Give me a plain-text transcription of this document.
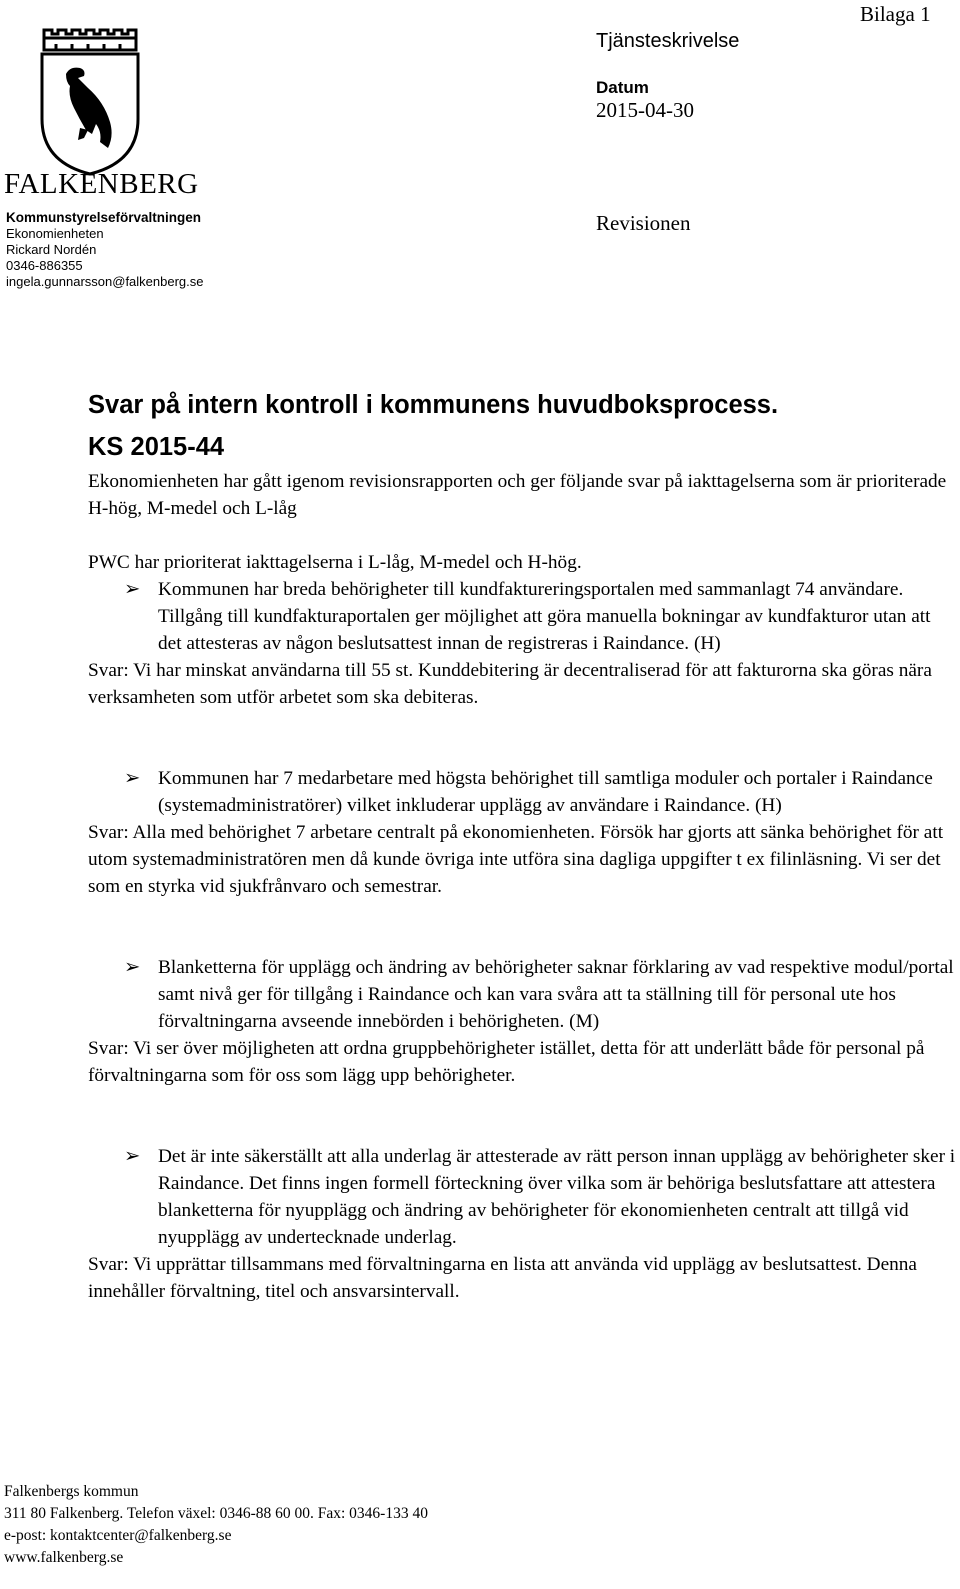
Bilaga 1
Tjänsteskrivelse
Datum
2015-04-30
Revisionen
FALKENBERG
Kommunstyrelseförvaltningen
Ekonomienheten
Rickard Nordén
0346-886355
ingela.gunnarsson@falkenberg.se
Svar på intern kontroll i kommunens huvudboksprocess.
KS 2015-44
Ekonomienheten har gått igenom revisionsrapporten och ger följande svar på iakttagelserna som är prioriterade H-hög, M-medel och L-låg
PWC har prioriterat iakttagelserna i L-låg, M-medel och H-hög.
➢ Kommunen har breda behörigheter till kundfaktureringsportalen med sammanlagt 74 användare. Tillgång till kundfakturaportalen ger möjlighet att göra manuella bokningar av kundfakturor utan att det attesteras av någon beslutsattest innan de registreras i Raindance. (H)
Svar: Vi har minskat användarna till 55 st. Kunddebitering är decentraliserad för att fakturorna ska göras nära verksamheten som utför arbetet som ska debiteras.
➢ Kommunen har 7 medarbetare med högsta behörighet till samtliga moduler och portaler i Raindance (systemadministratörer) vilket inkluderar upplägg av användare i Raindance. (H)
Svar: Alla med behörighet 7 arbetare centralt på ekonomienheten. Försök har gjorts att sänka behörighet för att utom systemadministratören men då kunde övriga inte utföra sina dagliga uppgifter t ex filinläsning. Vi ser det som en styrka vid sjukfrånvaro och semestrar.
➢ Blanketterna för upplägg och ändring av behörigheter saknar förklaring av vad respektive modul/portal samt nivå ger för tillgång i Raindance och kan vara svåra att ta ställning till för personal ute hos förvaltningarna avseende innebörden i behörigheten. (M)
Svar: Vi ser över möjligheten att ordna gruppbehörigheter istället, detta för att underlätt både för personal på förvaltningarna som för oss som lägg upp behörigheter.
➢ Det är inte säkerställt att alla underlag är attesterade av rätt person innan upplägg av behörigheter sker i Raindance. Det finns ingen formell förteckning över vilka som är behöriga beslutsfattare att attestera blanketterna för nyupplägg och ändring av behörigheter för ekonomienheten centralt att tillgå vid nyupplägg av undertecknade underlag.
Svar: Vi upprättar tillsammans med förvaltningarna en lista att använda vid upplägg av beslutsattest. Denna innehåller förvaltning, titel och ansvarsintervall.
Falkenbergs kommun
311 80 Falkenberg. Telefon växel: 0346-88 60 00. Fax: 0346-133 40
e-post: kontaktcenter@falkenberg.se
www.falkenberg.se
